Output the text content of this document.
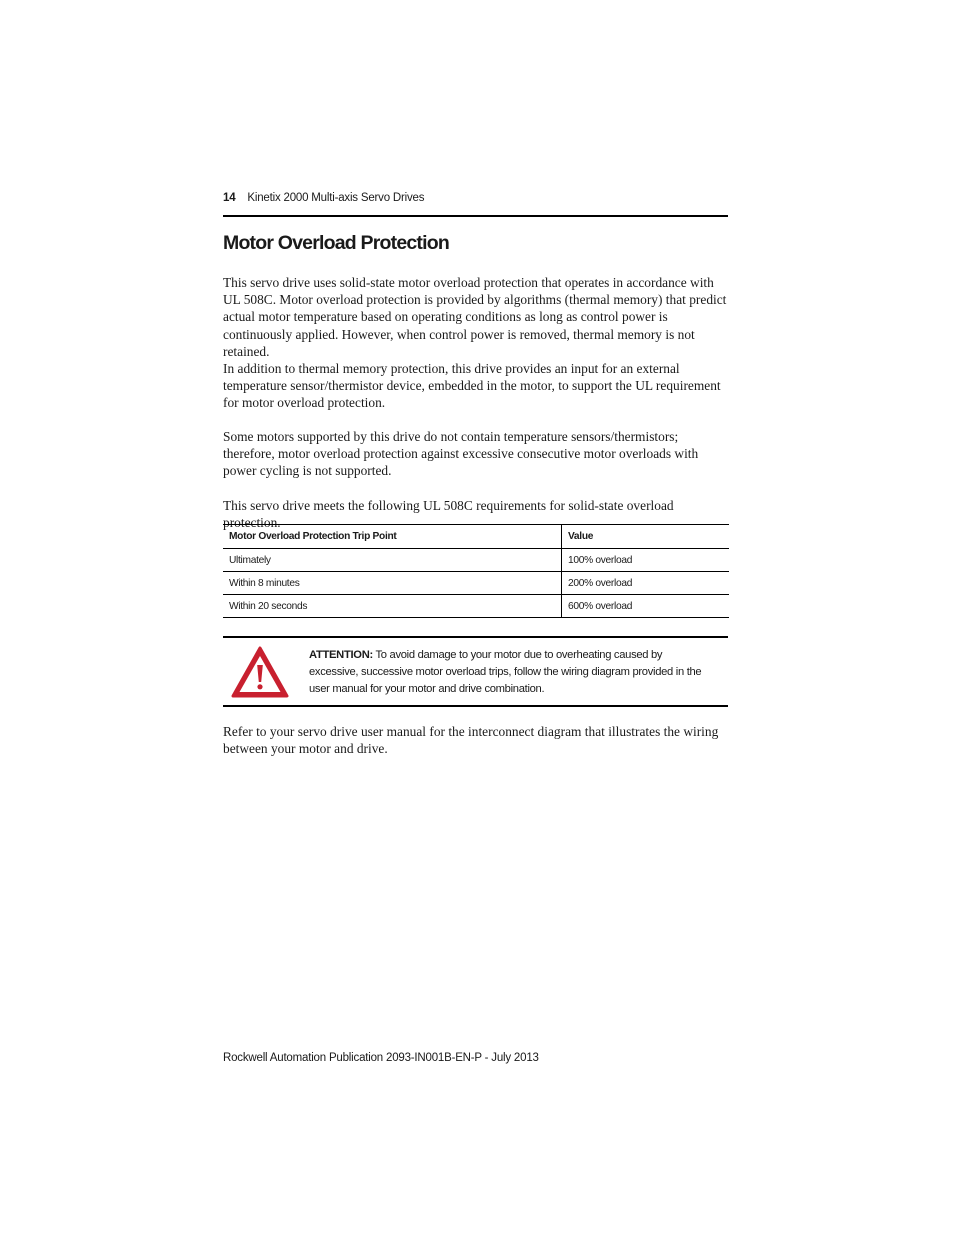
14 Kinetix 2000 Multi-axis Servo Drives
Motor Overload Protection

This servo drive uses solid-state motor overload protection that operates in accordance with UL 508C. Motor overload protection is provided by algorithms (thermal memory) that predict actual motor temperature based on operating conditions as long as control power is continuously applied. However, when control power is removed, thermal memory is not retained.

In addition to thermal memory protection, this drive provides an input for an external temperature sensor/thermistor device, embedded in the motor, to support the UL requirement for motor overload protection.

Some motors supported by this drive do not contain temperature sensors/thermistors; therefore, motor overload protection against excessive consecutive motor overloads with power cycling is not supported.

This servo drive meets the following UL 508C requirements for solid-state overload protection.

Motor Overload Protection Trip Point	Value
Ultimately	100% overload
Within 8 minutes	200% overload
Within 20 seconds	600% overload
ATTENTION: To avoid damage to your motor due to overheating caused by excessive, successive motor overload trips, follow the wiring diagram provided in the user manual for your motor and drive combination.

Refer to your servo drive user manual for the interconnect diagram that illustrates the wiring between your motor and drive.

Rockwell Automation Publication 2093-IN001B-EN-P - July 2013
